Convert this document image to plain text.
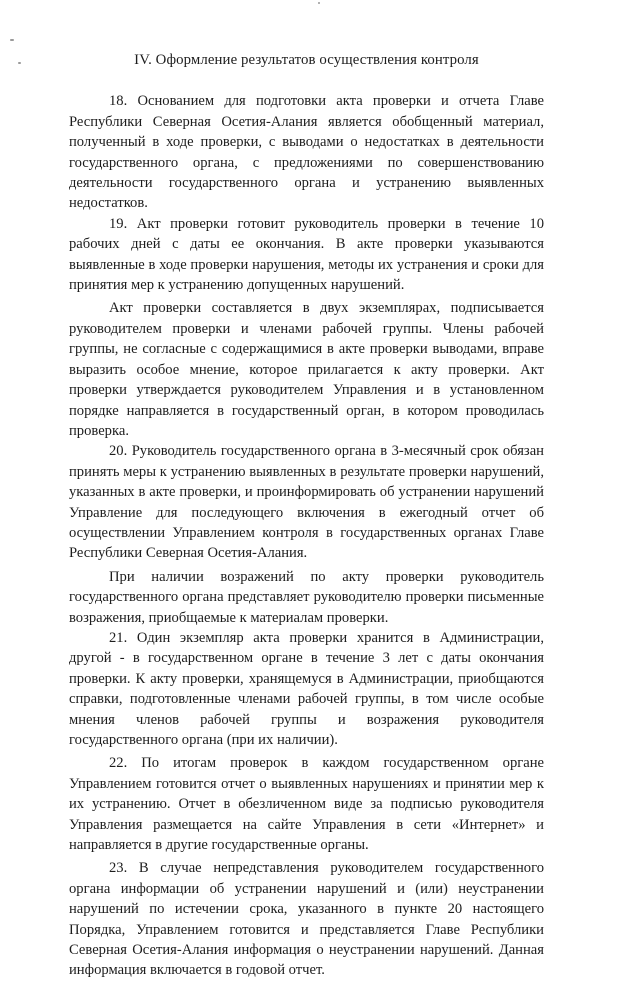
IV. Оформление результатов осуществления контроля

18. Основанием для подготовки акта проверки и отчета Главе Республики Северная Осетия-Алания является обобщенный материал, полученный в ходе проверки, с выводами о недостатках в деятельности государственного органа, с предложениями по совершенствованию деятельности государственного органа и устранению выявленных недостатков.

19. Акт проверки готовит руководитель проверки в течение 10 рабочих дней с даты ее окончания. В акте проверки указываются выявленные в ходе проверки нарушения, методы их устранения и сроки для принятия мер к устранению допущенных нарушений.

Акт проверки составляется в двух экземплярах, подписывается руководителем проверки и членами рабочей группы. Члены рабочей группы, не согласные с содержащимися в акте проверки выводами, вправе выразить особое мнение, которое прилагается к акту проверки. Акт проверки утверждается руководителем Управления и в установленном порядке направляется в государственный орган, в котором проводилась проверка.

20. Руководитель государственного органа в 3-месячный срок обязан принять меры к устранению выявленных в результате проверки нарушений, указанных в акте проверки, и проинформировать об устранении нарушений Управление для последующего включения в ежегодный отчет об осуществлении Управлением контроля в государственных органах Главе Республики Северная Осетия-Алания.

При наличии возражений по акту проверки руководитель государственного органа представляет руководителю проверки письменные возражения, приобщаемые к материалам проверки.

21. Один экземпляр акта проверки хранится в Администрации, другой - в государственном органе в течение 3 лет с даты окончания проверки. К акту проверки, хранящемуся в Администрации, приобщаются справки, подготовленные членами рабочей группы, в том числе особые мнения членов рабочей группы и возражения руководителя государственного органа (при их наличии).

22. По итогам проверок в каждом государственном органе Управлением готовится отчет о выявленных нарушениях и принятии мер к их устранению. Отчет в обезличенном виде за подписью руководителя Управления размещается на сайте Управления в сети «Интернет» и направляется в другие государственные органы.

23. В случае непредставления руководителем государственного органа информации об устранении нарушений и (или) неустранении нарушений по истечении срока, указанного в пункте 20 настоящего Порядка, Управлением готовится и представляется Главе Республики Северная Осетия-Алания информация о неустранении нарушений. Данная информация включается в годовой отчет.
